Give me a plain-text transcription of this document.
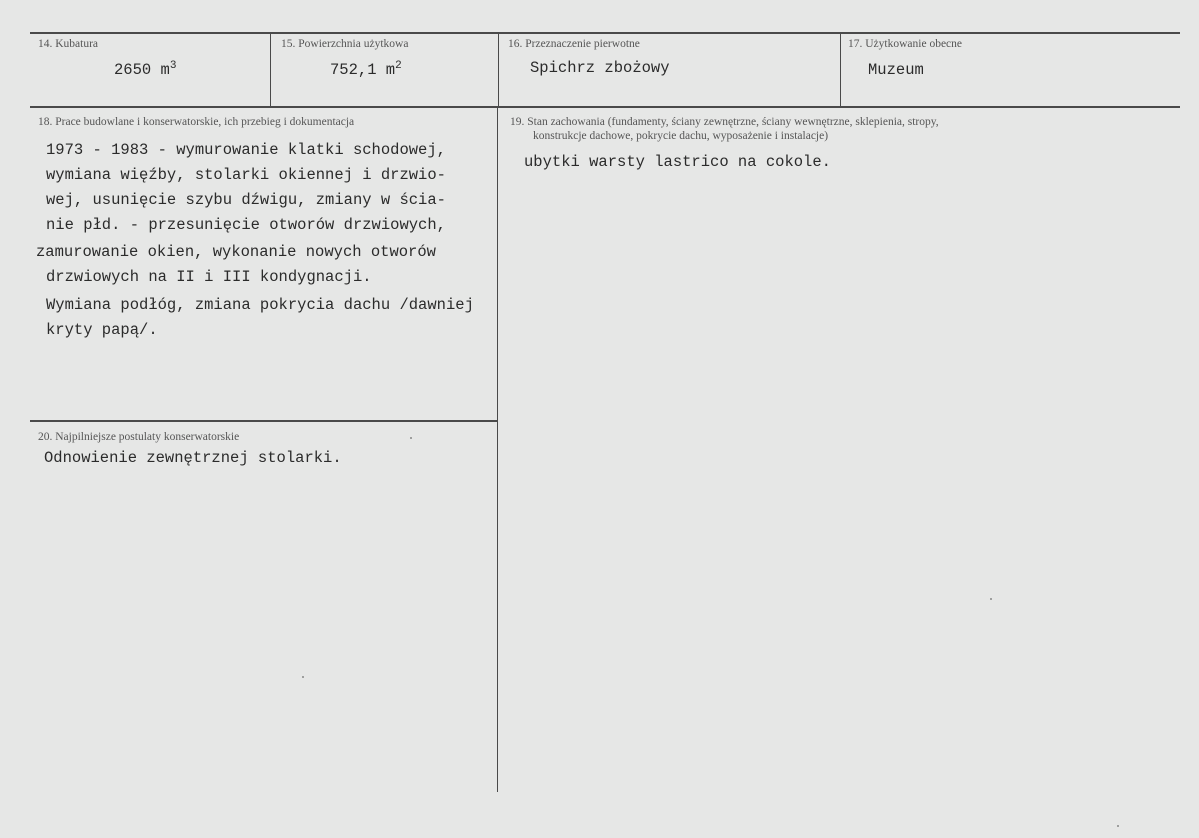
14. Kubatura
2650 $m^3$
15. Powierzchnia użytkowa
752,1 $m^2$
16. Przeznaczenie pierwotne
Spichrz zbożowy
17. Użytkowanie obecne
Muzeum
18. Prace budowlane i konserwatorskie, ich przebieg i dokumentacja
1973 - 1983 - wymurowanie klatki schodowej,
wymiana więźby, stolarki okiennej i drzwio-
wej, usunięcie szybu dźwigu, zmiany w ścia-
nie płd. - przesunięcie otworów drzwiowych,
zamurowanie okien, wykonanie nowych otworów
drzwiowych na II i III kondygnacji.
Wymiana podłóg, zmiana pokrycia dachu /dawniej
kryty papą/.
19. Stan zachowania (fundamenty, ściany zewnętrzne, ściany wewnętrzne, sklepienia, stropy,
konstrukcje dachowe, pokrycie dachu, wyposażenie i instalacje)
ubytki warsty lastrico na cokole.
20. Najpilniejsze postulaty konserwatorskie
Odnowienie zewnętrznej stolarki.
